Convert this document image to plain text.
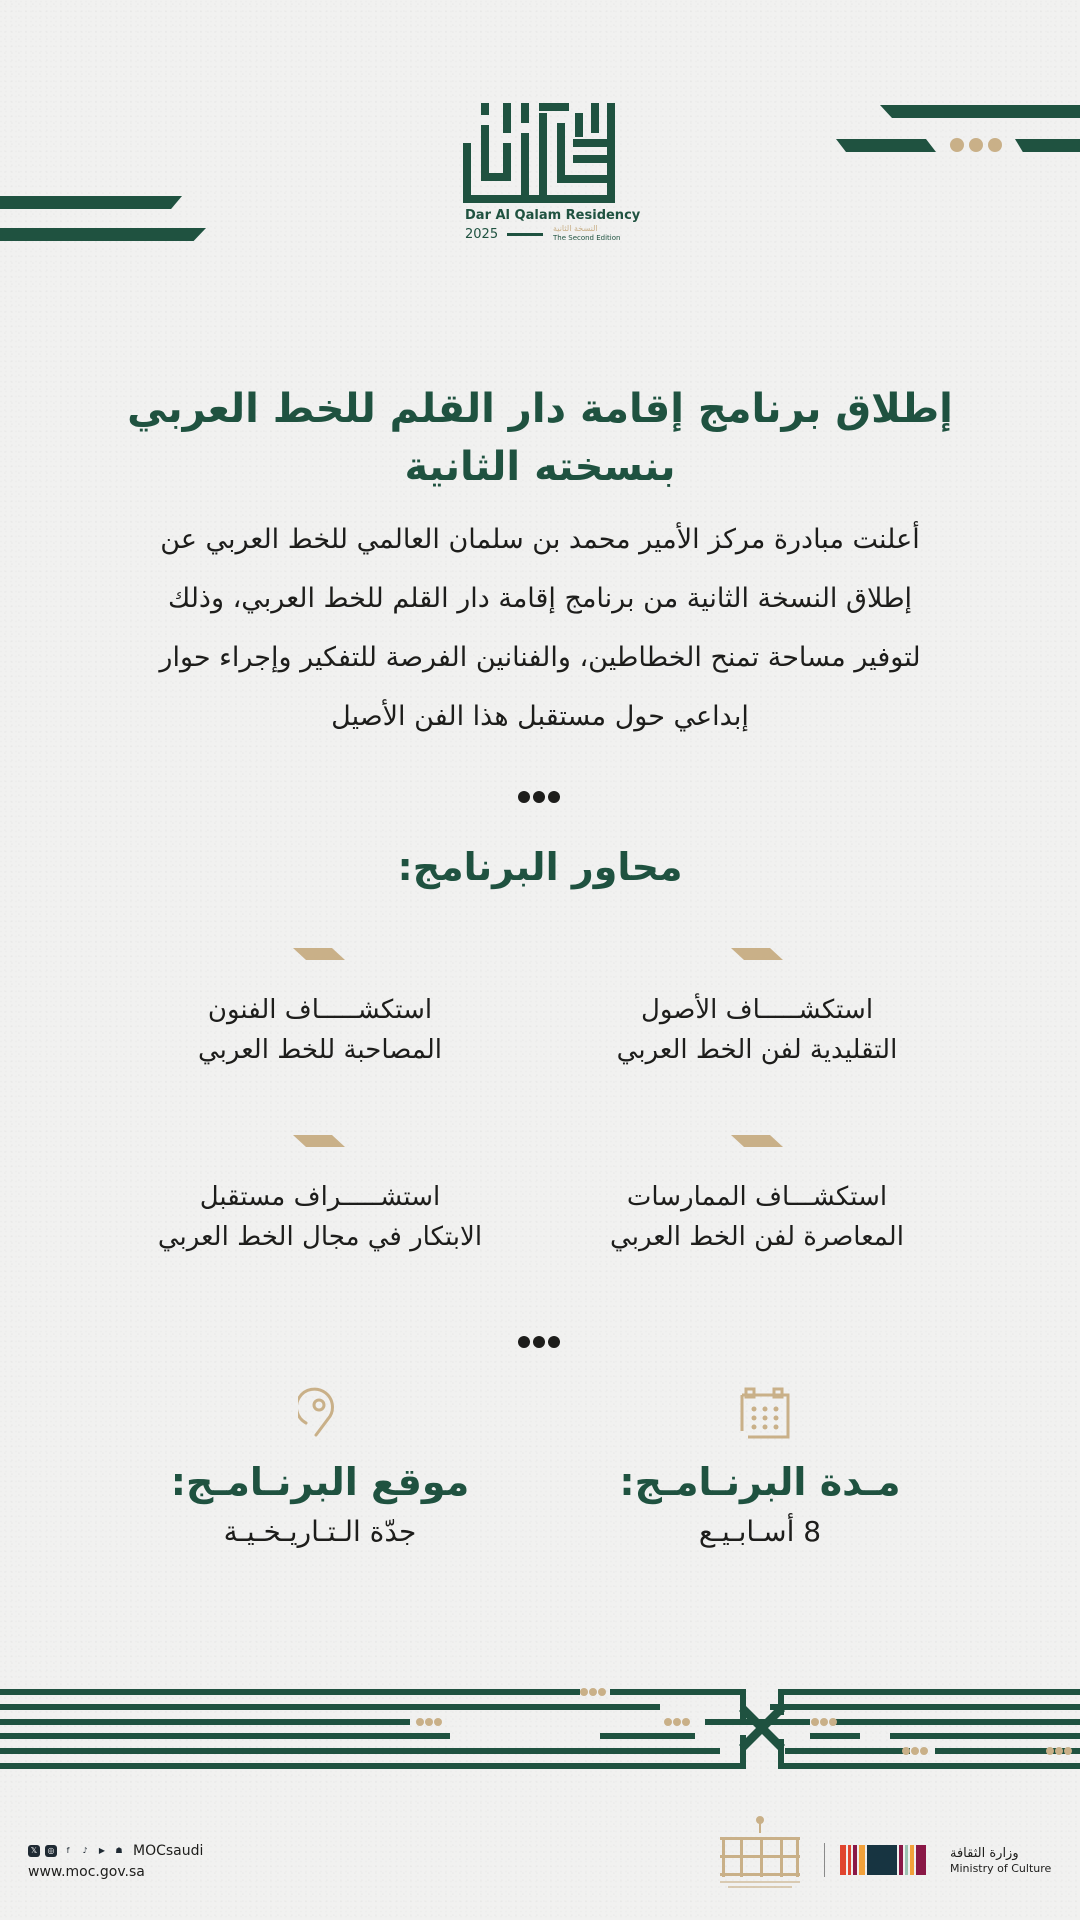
Dar Al Qalam Residency
2025	النسخة الثانية
The Second Edition
إطلاق برنامج إقامة دار القلم للخط العربي
بنسخته الثانية
أعلنت مبادرة مركز الأمير محمد بن سلمان العالمي للخط العربي عن إطلاق النسخة الثانية من برنامج إقامة دار القلم للخط العربي، وذلك لتوفير مساحة تمنح الخطاطين، والفنانين الفرصة للتفكير وإجراء حوار إبداعي حول مستقبل هذا الفن الأصيل
محاور البرنامج:
استكشـــــاف الأصول
التقليدية لفن الخط العربي
استكشـــــاف الفنون
المصاحبة للخط العربي
استكشـــاف الممارسات
المعاصرة لفن الخط العربي
استشـــــراف مستقبل
الابتكار في مجال الخط العربي
مـدة البرنـامـج:
8 أسـابـيـع
موقع البرنـامـج:
جدّة الـتـاريـخـيـة
𝕏	◎	f	♪	▶	☗ MOCsaudi
www.moc.gov.sa
وزارة الثقافة
Ministry of Culture
